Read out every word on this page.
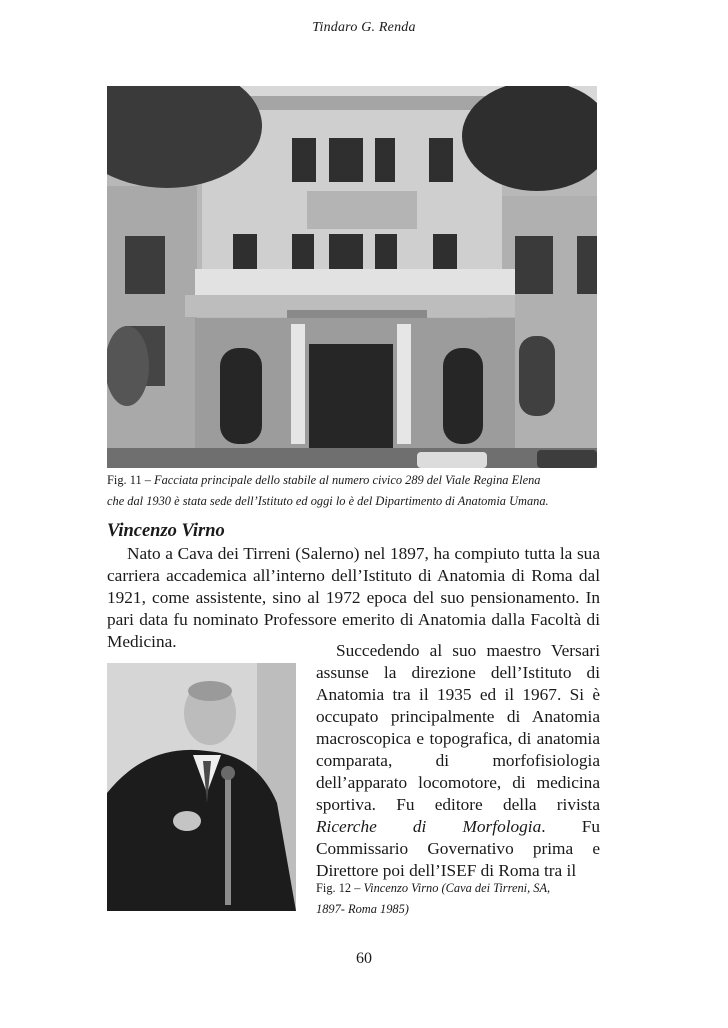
Tindaro G. Renda
Fig. 11 – Facciata principale dello stabile al numero civico 289 del Viale Regina Elena
che dal 1930 è stata sede dell’Istituto ed oggi lo è del Dipartimento di Anatomia Umana.
Vincenzo Virno

Nato a Cava dei Tirreni (Salerno) nel 1897, ha compiuto tutta la sua carriera accademica all’interno dell’Istituto di Anatomia di Roma dal 1921, come assistente, sino al 1972 epoca del suo pensionamento. In pari data fu nominato Professore emerito di Anatomia dalla Facoltà di Medicina.	Succedendo al suo maestro Versari assunse la direzione dell’Istituto di Anatomia tra il 1935 ed il 1967. Si è occupato principalmente di Anatomia macroscopica e topografica, di anatomia comparata, di morfofisiologia dell’apparato locomotore, di medicina sportiva. Fu editore della rivista Ricerche di Morfologia. Fu Commissario Governativo prima e Direttore poi dell’ISEF di Roma tra il

Fig. 12 – Vincenzo Virno (Cava dei Tirreni, SA,
1897- Roma 1985)
60
